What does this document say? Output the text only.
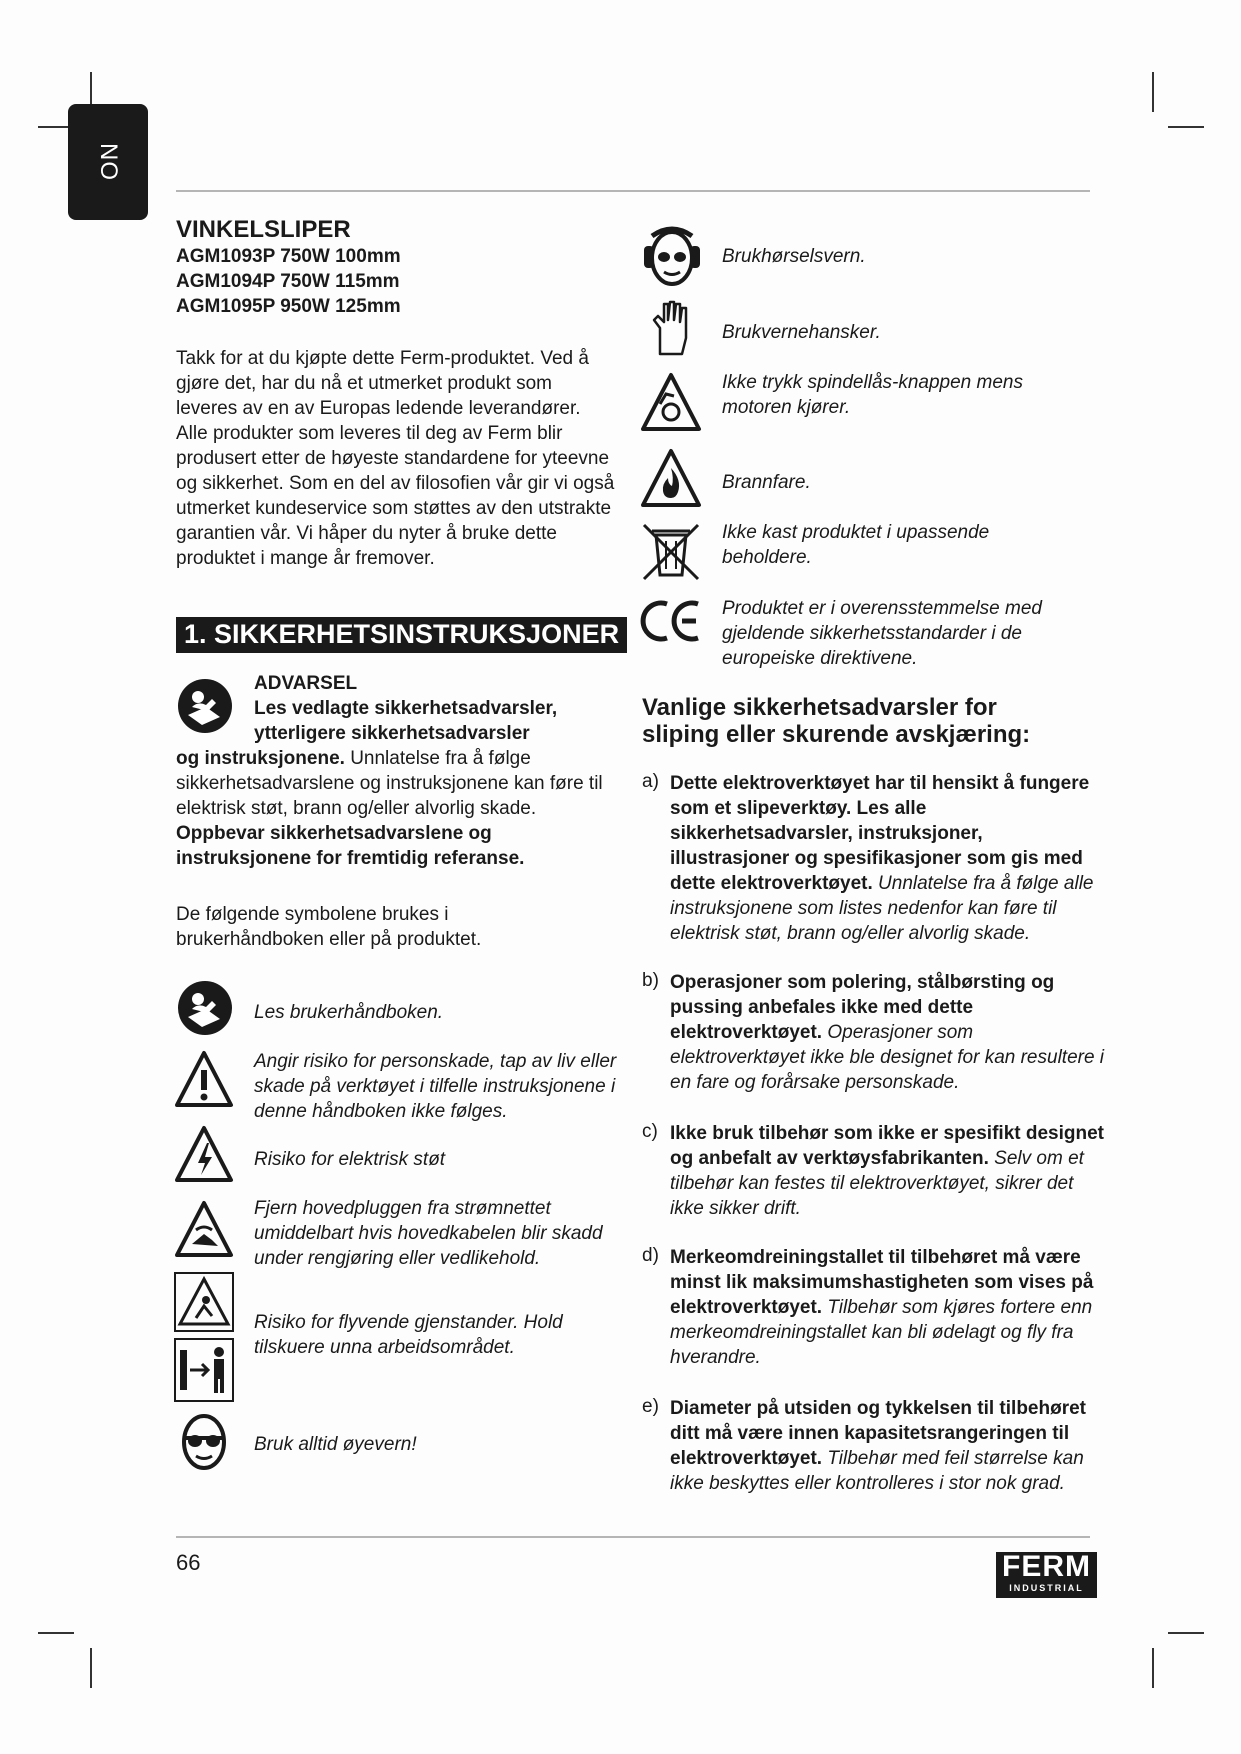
NO
VINKELSLIPER
AGM1093P 750W 100mm
AGM1094P 750W 115mm
AGM1095P 950W 125mm

Takk for at du kjøpte dette Ferm-produktet. Ved å gjøre det, har du nå et utmerket produkt som leveres av en av Europas ledende leverandører. Alle produkter som leveres til deg av Ferm blir produsert etter de høyeste standardene for yteevne og sikkerhet. Som en del av filosofien vår gir vi også utmerket kundeservice som støttes av den utstrakte garantien vår. Vi håper du nyter å bruke dette produktet i mange år fremover.

1. SIKKERHETSINSTRUKSJONER
ADVARSEL
Les vedlagte sikkerhetsadvarsler,
ytterligere sikkerhetsadvarsler

og instruksjonene. Unnlatelse fra å følge sikkerhetsadvarslene og instruksjonene kan føre til elektrisk støt, brann og/eller alvorlig skade. Oppbevar sikkerhetsadvarslene og instruksjonene for fremtidig referanse.

De følgende symbolene brukes i brukerhåndboken eller på produktet.

Les brukerhåndboken.
Angir risiko for personskade, tap av liv eller skade på verktøyet i tilfelle instruksjonene i denne håndboken ikke følges.
Risiko for elektrisk støt
Fjern hovedpluggen fra strømnettet umiddelbart hvis hovedkabelen blir skadd under rengjøring eller vedlikehold.
Risiko for flyvende gjenstander. Hold tilskuere unna arbeidsområdet.
Bruk alltid øyevern!
Brukhørselsvern.
Brukvernehansker.
Ikke trykk spindellås-knappen mens motoren kjører.
Brannfare.
Ikke kast produktet i upassende beholdere.
Produktet er i overensstemmelse med gjeldende sikkerhetsstandarder i de europeiske direktivene.
Vanlige sikkerhetsadvarsler for
sliping eller skurende avskjæring:
a) Dette elektroverktøyet har til hensikt å fungere som et slipeverktøy. Les alle sikkerhetsadvarsler, instruksjoner, illustrasjoner og spesifikasjoner som gis med dette elektroverktøyet. Unnlatelse fra å følge alle instruksjonene som listes nedenfor kan føre til elektrisk støt, brann og/eller alvorlig skade.
b) Operasjoner som polering, stålbørsting og pussing anbefales ikke med dette elektroverktøyet. Operasjoner som elektroverktøyet ikke ble designet for kan resultere i en fare og forårsake personskade.
c) Ikke bruk tilbehør som ikke er spesifikt designet og anbefalt av verktøysfabrikanten. Selv om et tilbehør kan festes til elektroverktøyet, sikrer det ikke sikker drift.
d) Merkeomdreiningstallet til tilbehøret må være minst lik maksimumshastigheten som vises på elektroverktøyet. Tilbehør som kjøres fortere enn merkeomdreiningstallet kan bli ødelagt og fly fra hverandre.
e) Diameter på utsiden og tykkelsen til tilbehøret ditt må være innen kapasitetsrangeringen til elektroverktøyet. Tilbehør med feil størrelse kan ikke beskyttes eller kontrolleres i stor nok grad.
66	FERM
INDUSTRIAL
